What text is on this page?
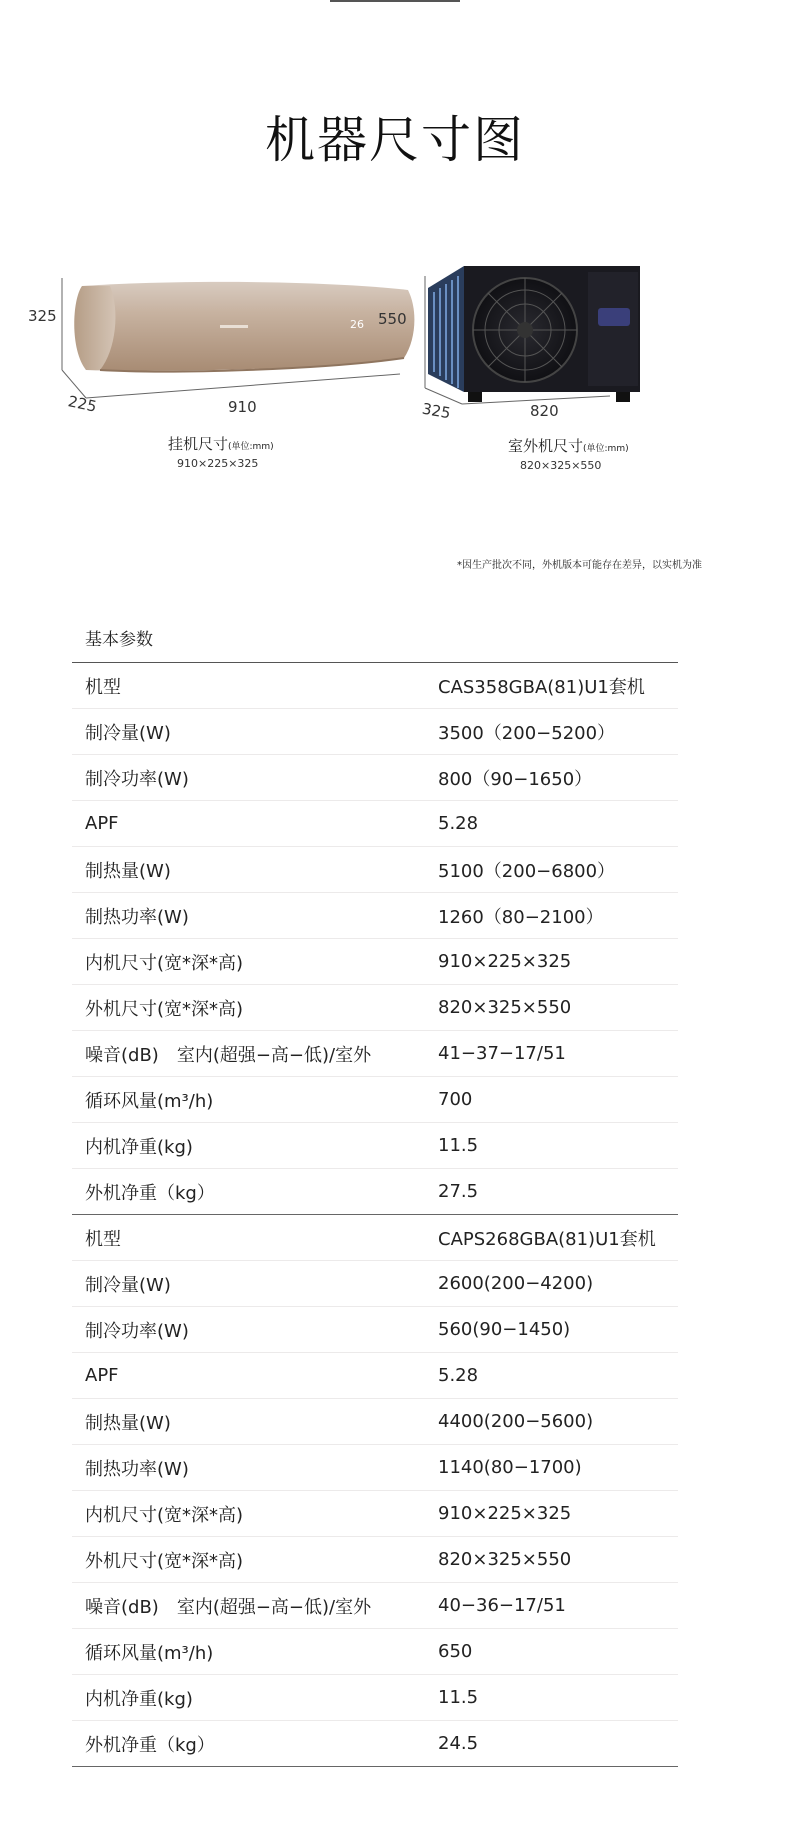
机器尺寸图
26
325
225	910
挂机尺寸(单位:mm)
910×225×325
550
325	820
室外机尺寸(单位:mm)
820×325×550
*因生产批次不同，外机版本可能存在差异，以实机为准
基本参数
机型	CAS358GBA(81)U1套机
制冷量(W)	3500（200−5200）
制冷功率(W)	800（90−1650）
APF	5.28
制热量(W)	5100（200−6800）
制热功率(W)	1260（80−2100）
内机尺寸(宽*深*高)	910×225×325
外机尺寸(宽*深*高)	820×325×550
噪音(dB)　室内(超强−高−低)/室外	41−37−17/51
循环风量(m³/h)	700
内机净重(kg)	11.5
外机净重（kg）	27.5
机型	CAPS268GBA(81)U1套机
制冷量(W)	2600(200−4200)
制冷功率(W)	560(90−1450)
APF	5.28
制热量(W)	4400(200−5600)
制热功率(W)	1140(80−1700)
内机尺寸(宽*深*高)	910×225×325
外机尺寸(宽*深*高)	820×325×550
噪音(dB)　室内(超强−高−低)/室外	40−36−17/51
循环风量(m³/h)	650
内机净重(kg)	11.5
外机净重（kg）	24.5
